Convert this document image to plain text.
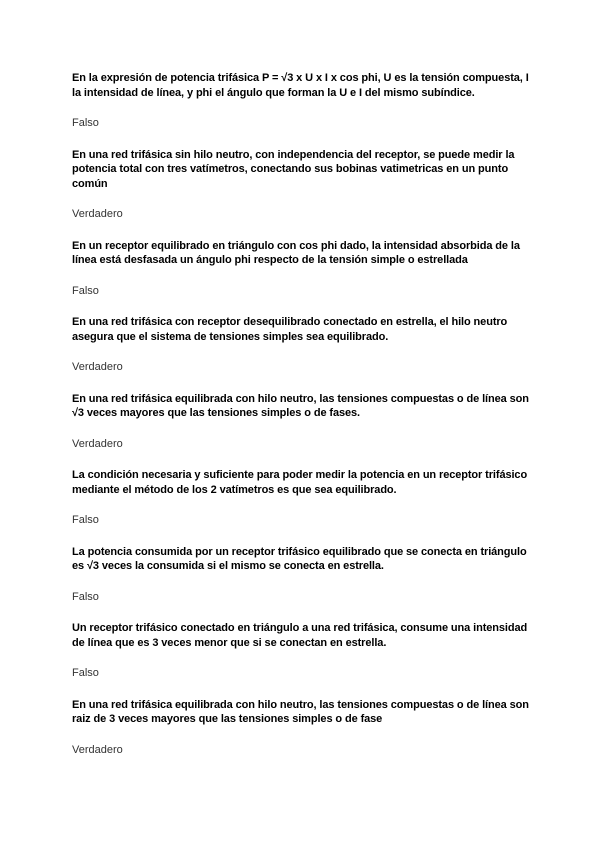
En la expresión de potencia trifásica P = √3 x U x I x cos phi, U es la tensión compuesta, I la intensidad de línea, y phi el ángulo que forman la U e I del mismo subíndice.

Falso

En una red trifásica sin hilo neutro, con independencia del receptor, se puede medir la potencia total con tres vatímetros, conectando sus bobinas vatimetricas en un punto común

Verdadero

En un receptor equilibrado en triángulo con cos phi dado, la intensidad absorbida de la línea está desfasada un ángulo phi respecto de la tensión simple o estrellada

Falso

En una red trifásica con receptor desequilibrado conectado en estrella, el hilo neutro asegura que el sistema de tensiones simples sea equilibrado.

Verdadero

En una red trifásica equilibrada con hilo neutro, las tensiones compuestas o de línea son √3 veces mayores que las tensiones simples o de fases.

Verdadero

La condición necesaria y suficiente para poder medir la potencia en un receptor trifásico mediante el método de los 2 vatímetros es que sea equilibrado.

Falso

La potencia consumida por un receptor trifásico equilibrado que se conecta en triángulo es √3 veces la consumida si el mismo se conecta en estrella.

Falso

Un receptor trifásico conectado en triángulo a una red trifásica, consume una intensidad de línea que es 3 veces menor que si se conectan en estrella.

Falso

En una red trifásica equilibrada con hilo neutro, las tensiones compuestas o de línea son raiz de 3 veces mayores que las tensiones simples o de fase

Verdadero
